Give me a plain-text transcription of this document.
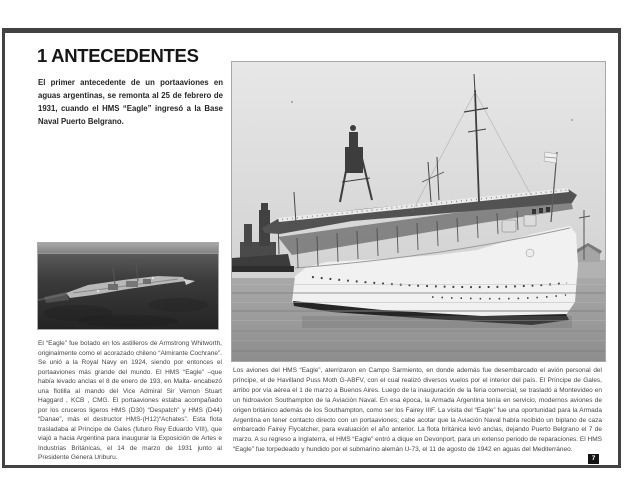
1 ANTECEDENTES
El primer antecedente de un portaaviones en aguas argentinas, se remonta al 25 de febrero de 1931, cuando el HMS “Eagle” ingresó a la Base Naval Puerto Belgrano.
El “Eagle” fue botado en los astilleros de Armstrong Whitworth, originalmente como el acorazado chileno “Almirante Cochrane”. Se unió a la Royal Navy en 1924, siendo por entonces el portaaviones más grande del mundo. El HMS “Eagle” –que había levado anclas el 8 de enero de 193, en Malta- encabezó una flotilla al mando del Vice Admiral Sir Vernon Stuart Haggard , KCB , CMG. El portaaviones estaba acompañado por los cruceros ligeros HMS (D30) “Despatch” y HMS (D44) “Danae”, más el destructor HMS-(H12)“Achates”. Esta flota trasladaba al Príncipe de Gales (futuro Rey Eduardo VIII), que viajó a hacia Argentina para inaugurar la Exposición de Artes e Industrias Británicas, el 14 de marzo de 1931 junto al Presidente Genera Uriburu.
Los aviones del HMS “Eagle”, aterrizaron en Campo Sarmiento, en donde además fue desembarcado el avión personal del príncipe, el de Havilland Puss Moth G-ABFV, con el cual realizó diversos vuelos por el interior del país. El Príncipe de Gales, arribo por vía aérea el 1 de marzo a Buenos Aires. Luego de la inauguración de la feria comercial, se trasladó a Montevideo en un hidroavion Southampton de la Aviación Naval. En esa época, la Armada Argentina tenía en servicio, modernos aviones de origen británico además de los Southampton, como ser los Fairey IIIF. La visita del “Eagle” fue una oportunidad para la Armada Argentina en tener contacto directo con un portaaviones; cabe acotar que la Aviación Naval había recibido un biplano de caza embarcado Fairey Flycatcher, para evaluación el año anterior. La flota británica levó anclas, dejando Puerto Belgrano el 7 de marzo. A su regreso a Inglaterra, el HMS “Eagle” entró a dique en Devonport, para un extenso periodo de reparaciones. El HMS “Eagle” fue torpedeado y hundido por el submarino alemán U-73, el 11 de agosto de 1942 en aguas del Mediterráneo.
7
